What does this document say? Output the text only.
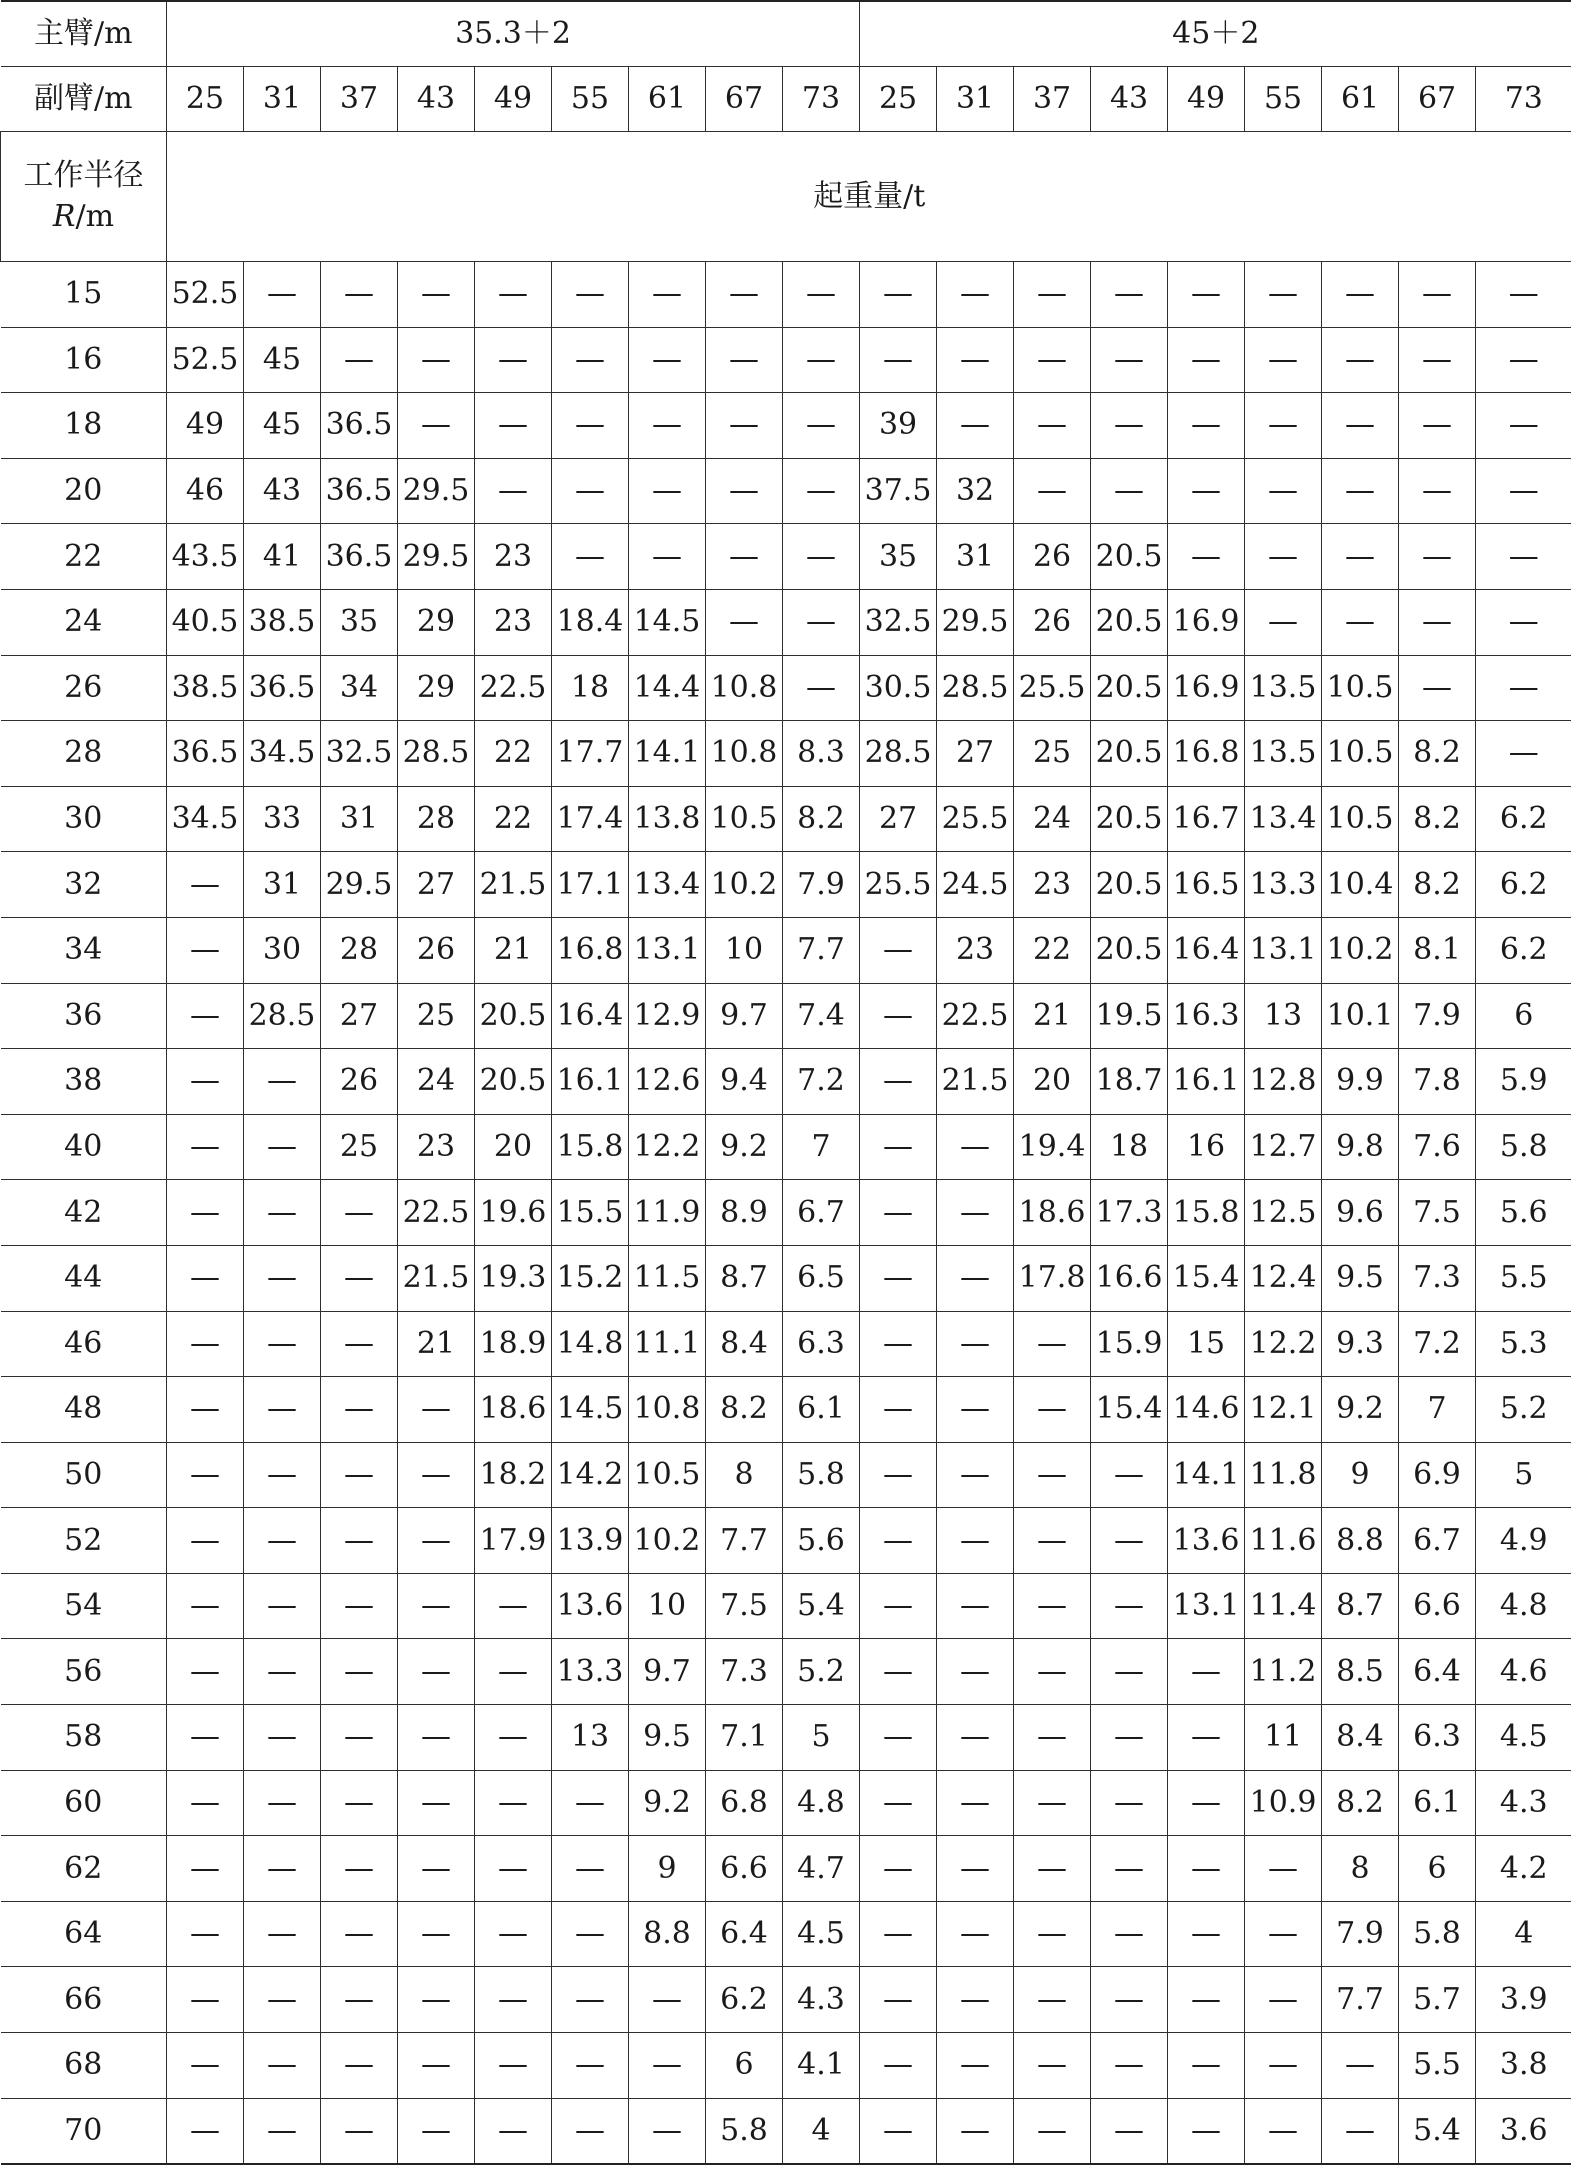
主臂/m	35.3＋2									45＋2								
副臂/m	25	31	37	43	49	55	61	67	73	25	31	37	43	49	55	61	67	73
工作半径
R/m	起重量/t																	
15	52.5	—	—	—	—	—	—	—	—	—	—	—	—	—	—	—	—	—
16	52.5	45	—	—	—	—	—	—	—	—	—	—	—	—	—	—	—	—
18	49	45	36.5	—	—	—	—	—	—	39	—	—	—	—	—	—	—	—
20	46	43	36.5	29.5	—	—	—	—	—	37.5	32	—	—	—	—	—	—	—
22	43.5	41	36.5	29.5	23	—	—	—	—	35	31	26	20.5	—	—	—	—	—
24	40.5	38.5	35	29	23	18.4	14.5	—	—	32.5	29.5	26	20.5	16.9	—	—	—	—
26	38.5	36.5	34	29	22.5	18	14.4	10.8	—	30.5	28.5	25.5	20.5	16.9	13.5	10.5	—	—
28	36.5	34.5	32.5	28.5	22	17.7	14.1	10.8	8.3	28.5	27	25	20.5	16.8	13.5	10.5	8.2	—
30	34.5	33	31	28	22	17.4	13.8	10.5	8.2	27	25.5	24	20.5	16.7	13.4	10.5	8.2	6.2
32	—	31	29.5	27	21.5	17.1	13.4	10.2	7.9	25.5	24.5	23	20.5	16.5	13.3	10.4	8.2	6.2
34	—	30	28	26	21	16.8	13.1	10	7.7	—	23	22	20.5	16.4	13.1	10.2	8.1	6.2
36	—	28.5	27	25	20.5	16.4	12.9	9.7	7.4	—	22.5	21	19.5	16.3	13	10.1	7.9	6
38	—	—	26	24	20.5	16.1	12.6	9.4	7.2	—	21.5	20	18.7	16.1	12.8	9.9	7.8	5.9
40	—	—	25	23	20	15.8	12.2	9.2	7	—	—	19.4	18	16	12.7	9.8	7.6	5.8
42	—	—	—	22.5	19.6	15.5	11.9	8.9	6.7	—	—	18.6	17.3	15.8	12.5	9.6	7.5	5.6
44	—	—	—	21.5	19.3	15.2	11.5	8.7	6.5	—	—	17.8	16.6	15.4	12.4	9.5	7.3	5.5
46	—	—	—	21	18.9	14.8	11.1	8.4	6.3	—	—	—	15.9	15	12.2	9.3	7.2	5.3
48	—	—	—	—	18.6	14.5	10.8	8.2	6.1	—	—	—	15.4	14.6	12.1	9.2	7	5.2
50	—	—	—	—	18.2	14.2	10.5	8	5.8	—	—	—	—	14.1	11.8	9	6.9	5
52	—	—	—	—	17.9	13.9	10.2	7.7	5.6	—	—	—	—	13.6	11.6	8.8	6.7	4.9
54	—	—	—	—	—	13.6	10	7.5	5.4	—	—	—	—	13.1	11.4	8.7	6.6	4.8
56	—	—	—	—	—	13.3	9.7	7.3	5.2	—	—	—	—	—	11.2	8.5	6.4	4.6
58	—	—	—	—	—	13	9.5	7.1	5	—	—	—	—	—	11	8.4	6.3	4.5
60	—	—	—	—	—	—	9.2	6.8	4.8	—	—	—	—	—	10.9	8.2	6.1	4.3
62	—	—	—	—	—	—	9	6.6	4.7	—	—	—	—	—	—	8	6	4.2
64	—	—	—	—	—	—	8.8	6.4	4.5	—	—	—	—	—	—	7.9	5.8	4
66	—	—	—	—	—	—	—	6.2	4.3	—	—	—	—	—	—	7.7	5.7	3.9
68	—	—	—	—	—	—	—	6	4.1	—	—	—	—	—	—	—	5.5	3.8
70	—	—	—	—	—	—	—	5.8	4	—	—	—	—	—	—	—	5.4	3.6
